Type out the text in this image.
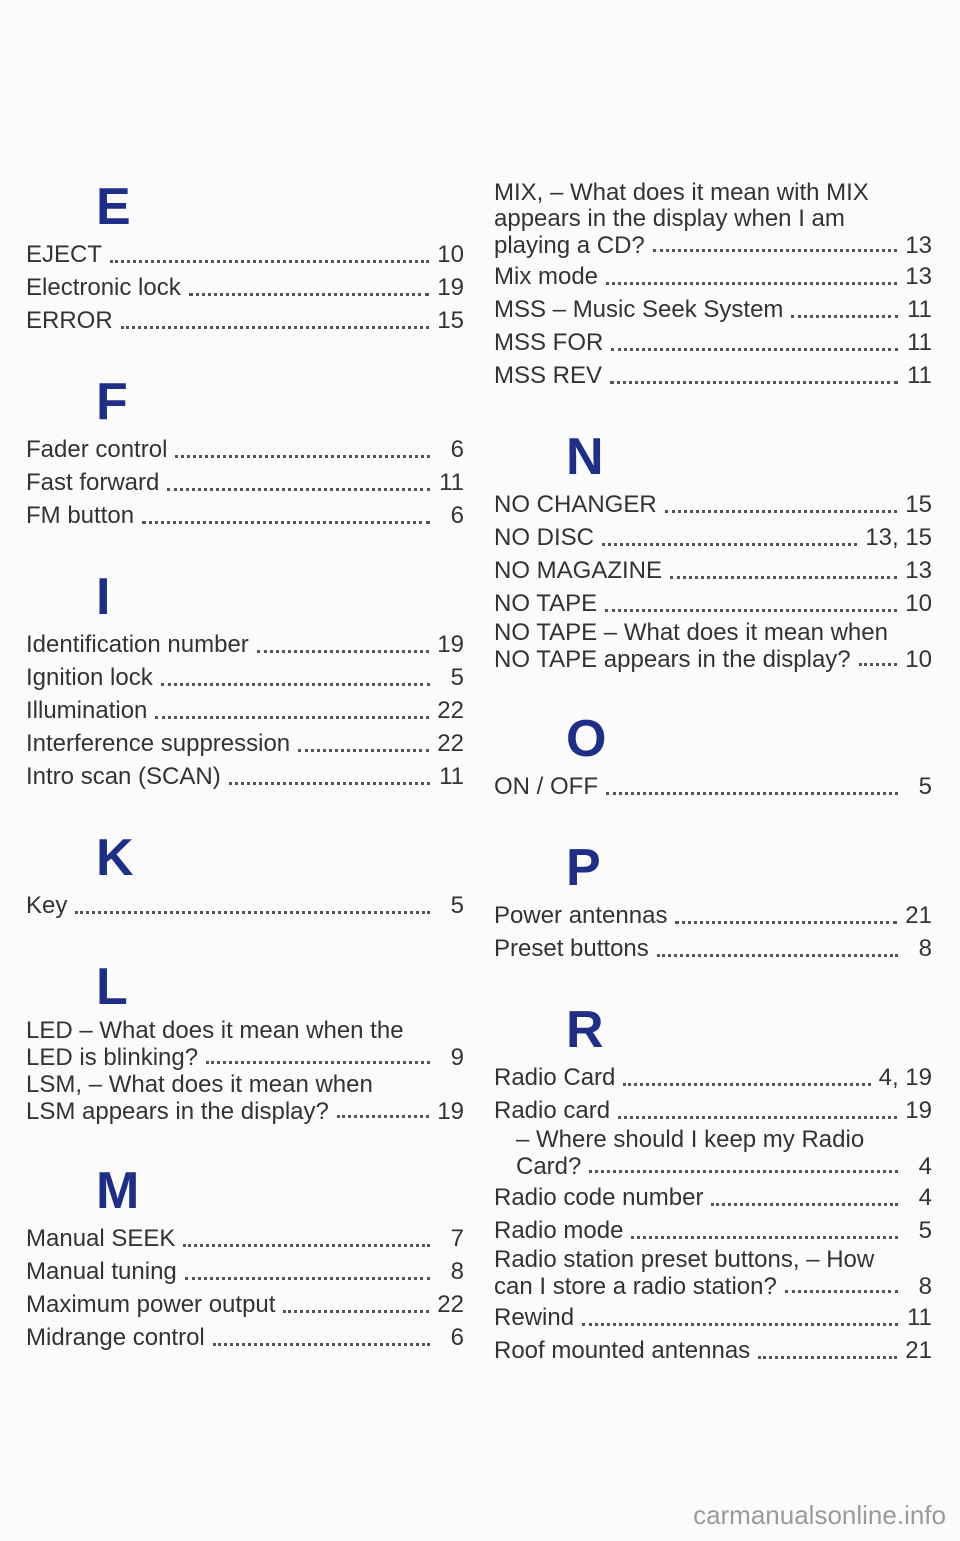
E
EJECT	10
Electronic lock	19
ERROR	15
F
Fader control	6
Fast forward	11
FM button	6
I
Identification number	19
Ignition lock	5
Illumination	22
Interference suppression	22
Intro scan (SCAN)	11
K
Key	5
L
LED – What does it mean when the
LED is blinking?	9
LSM, – What does it mean when
LSM appears in the display?	19
M
Manual SEEK	7
Manual tuning	8
Maximum power output	22
Midrange control	6
MIX, – What does it mean with MIX
appears in the display when I am
playing a CD?	13
Mix mode	13
MSS – Music Seek System	11
MSS FOR	11
MSS REV	11
N
NO CHANGER	15
NO DISC	13, 15
NO MAGAZINE	13
NO TAPE	10
NO TAPE – What does it mean when
NO TAPE appears in the display? 10
O
ON / OFF	5
P
Power antennas	21
Preset buttons	8
R
Radio Card	4, 19
Radio card	19
– Where should I keep my Radio
Card?	4
Radio code number	4
Radio mode	5
Radio station preset buttons, – How
can I store a radio station?	8
Rewind	11
Roof mounted antennas	21
carmanualsonline.info
